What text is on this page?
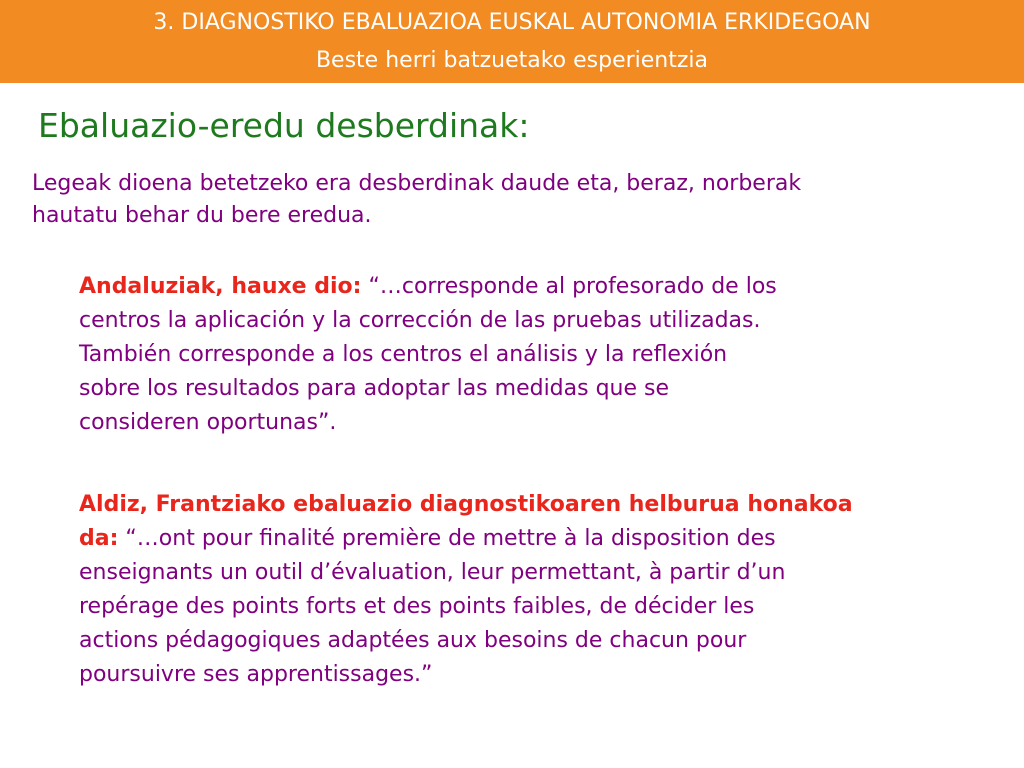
3. DIAGNOSTIKO EBALUAZIOA EUSKAL AUTONOMIA ERKIDEGOAN
Beste herri batzuetako esperientzia
Ebaluazio-eredu desberdinak:
Legeak dioena betetzeko era desberdinak daude eta, beraz, norberak
hautatu behar du bere eredua.
Andaluziak, hauxe dio: “…corresponde al profesorado de los
centros la aplicación y la corrección de las pruebas utilizadas.
También corresponde a los centros el análisis y la reflexión
sobre los resultados para adoptar las medidas que se
consideren oportunas”.
Aldiz, Frantziako ebaluazio diagnostikoaren helburua honakoa
da: “…ont pour finalité première de mettre à la disposition des
enseignants un outil d’évaluation, leur permettant, à partir d’un
repérage des points forts et des points faibles, de décider les
actions pédagogiques adaptées aux besoins de chacun pour
poursuivre ses apprentissages.”
